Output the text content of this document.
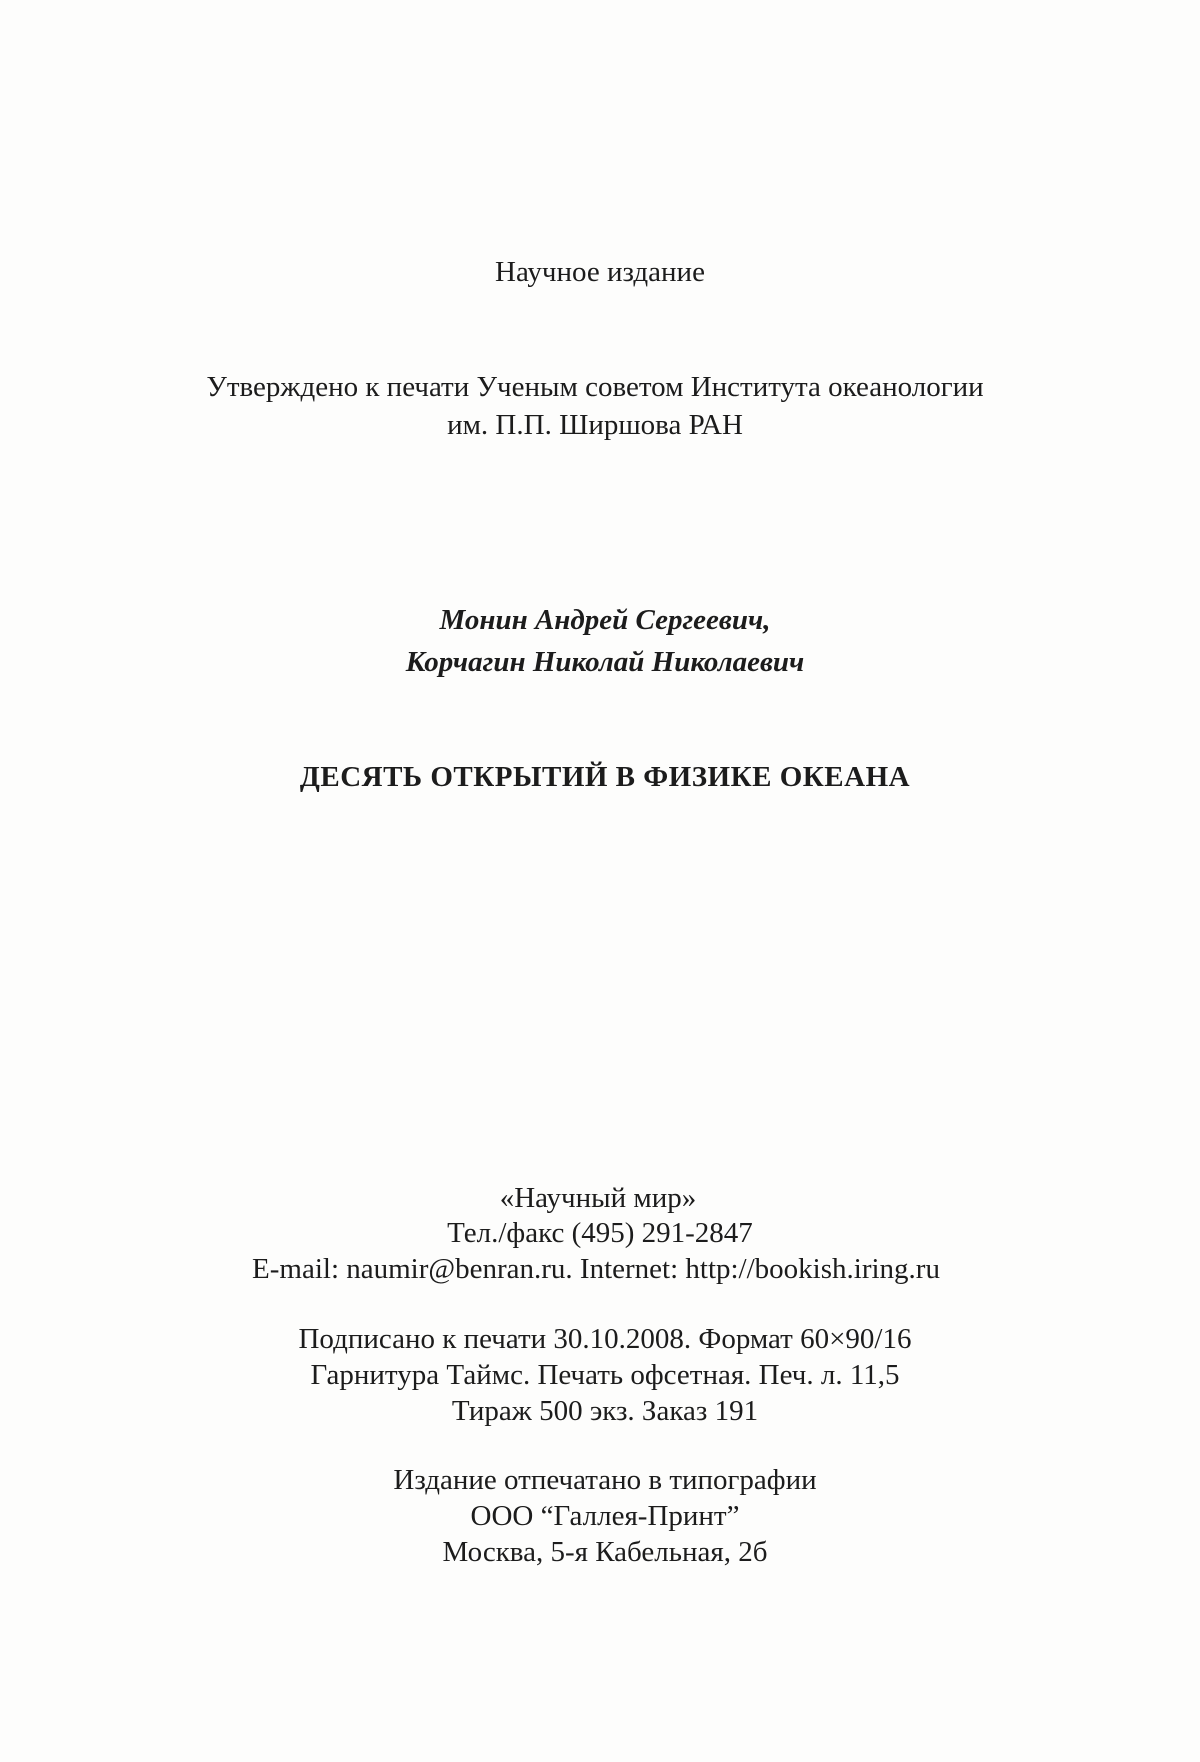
Научное издание
Утверждено к печати Ученым советом Института океанологии
им. П.П. Ширшова РАН
Монин Андрей Сергеевич,
Корчагин Николай Николаевич
ДЕСЯТЬ ОТКРЫТИЙ В ФИЗИКЕ ОКЕАНА
«Научный мир»
Тел./факс (495) 291-2847
E-mail: naumir@benran.ru. Internet: http://bookish.iring.ru
Подписано к печати 30.10.2008. Формат 60×90/16
Гарнитура Таймс. Печать офсетная. Печ. л. 11,5
Тираж 500 экз. Заказ 191
Издание отпечатано в типографии
ООО “Галлея-Принт”
Москва, 5-я Кабельная, 2б
